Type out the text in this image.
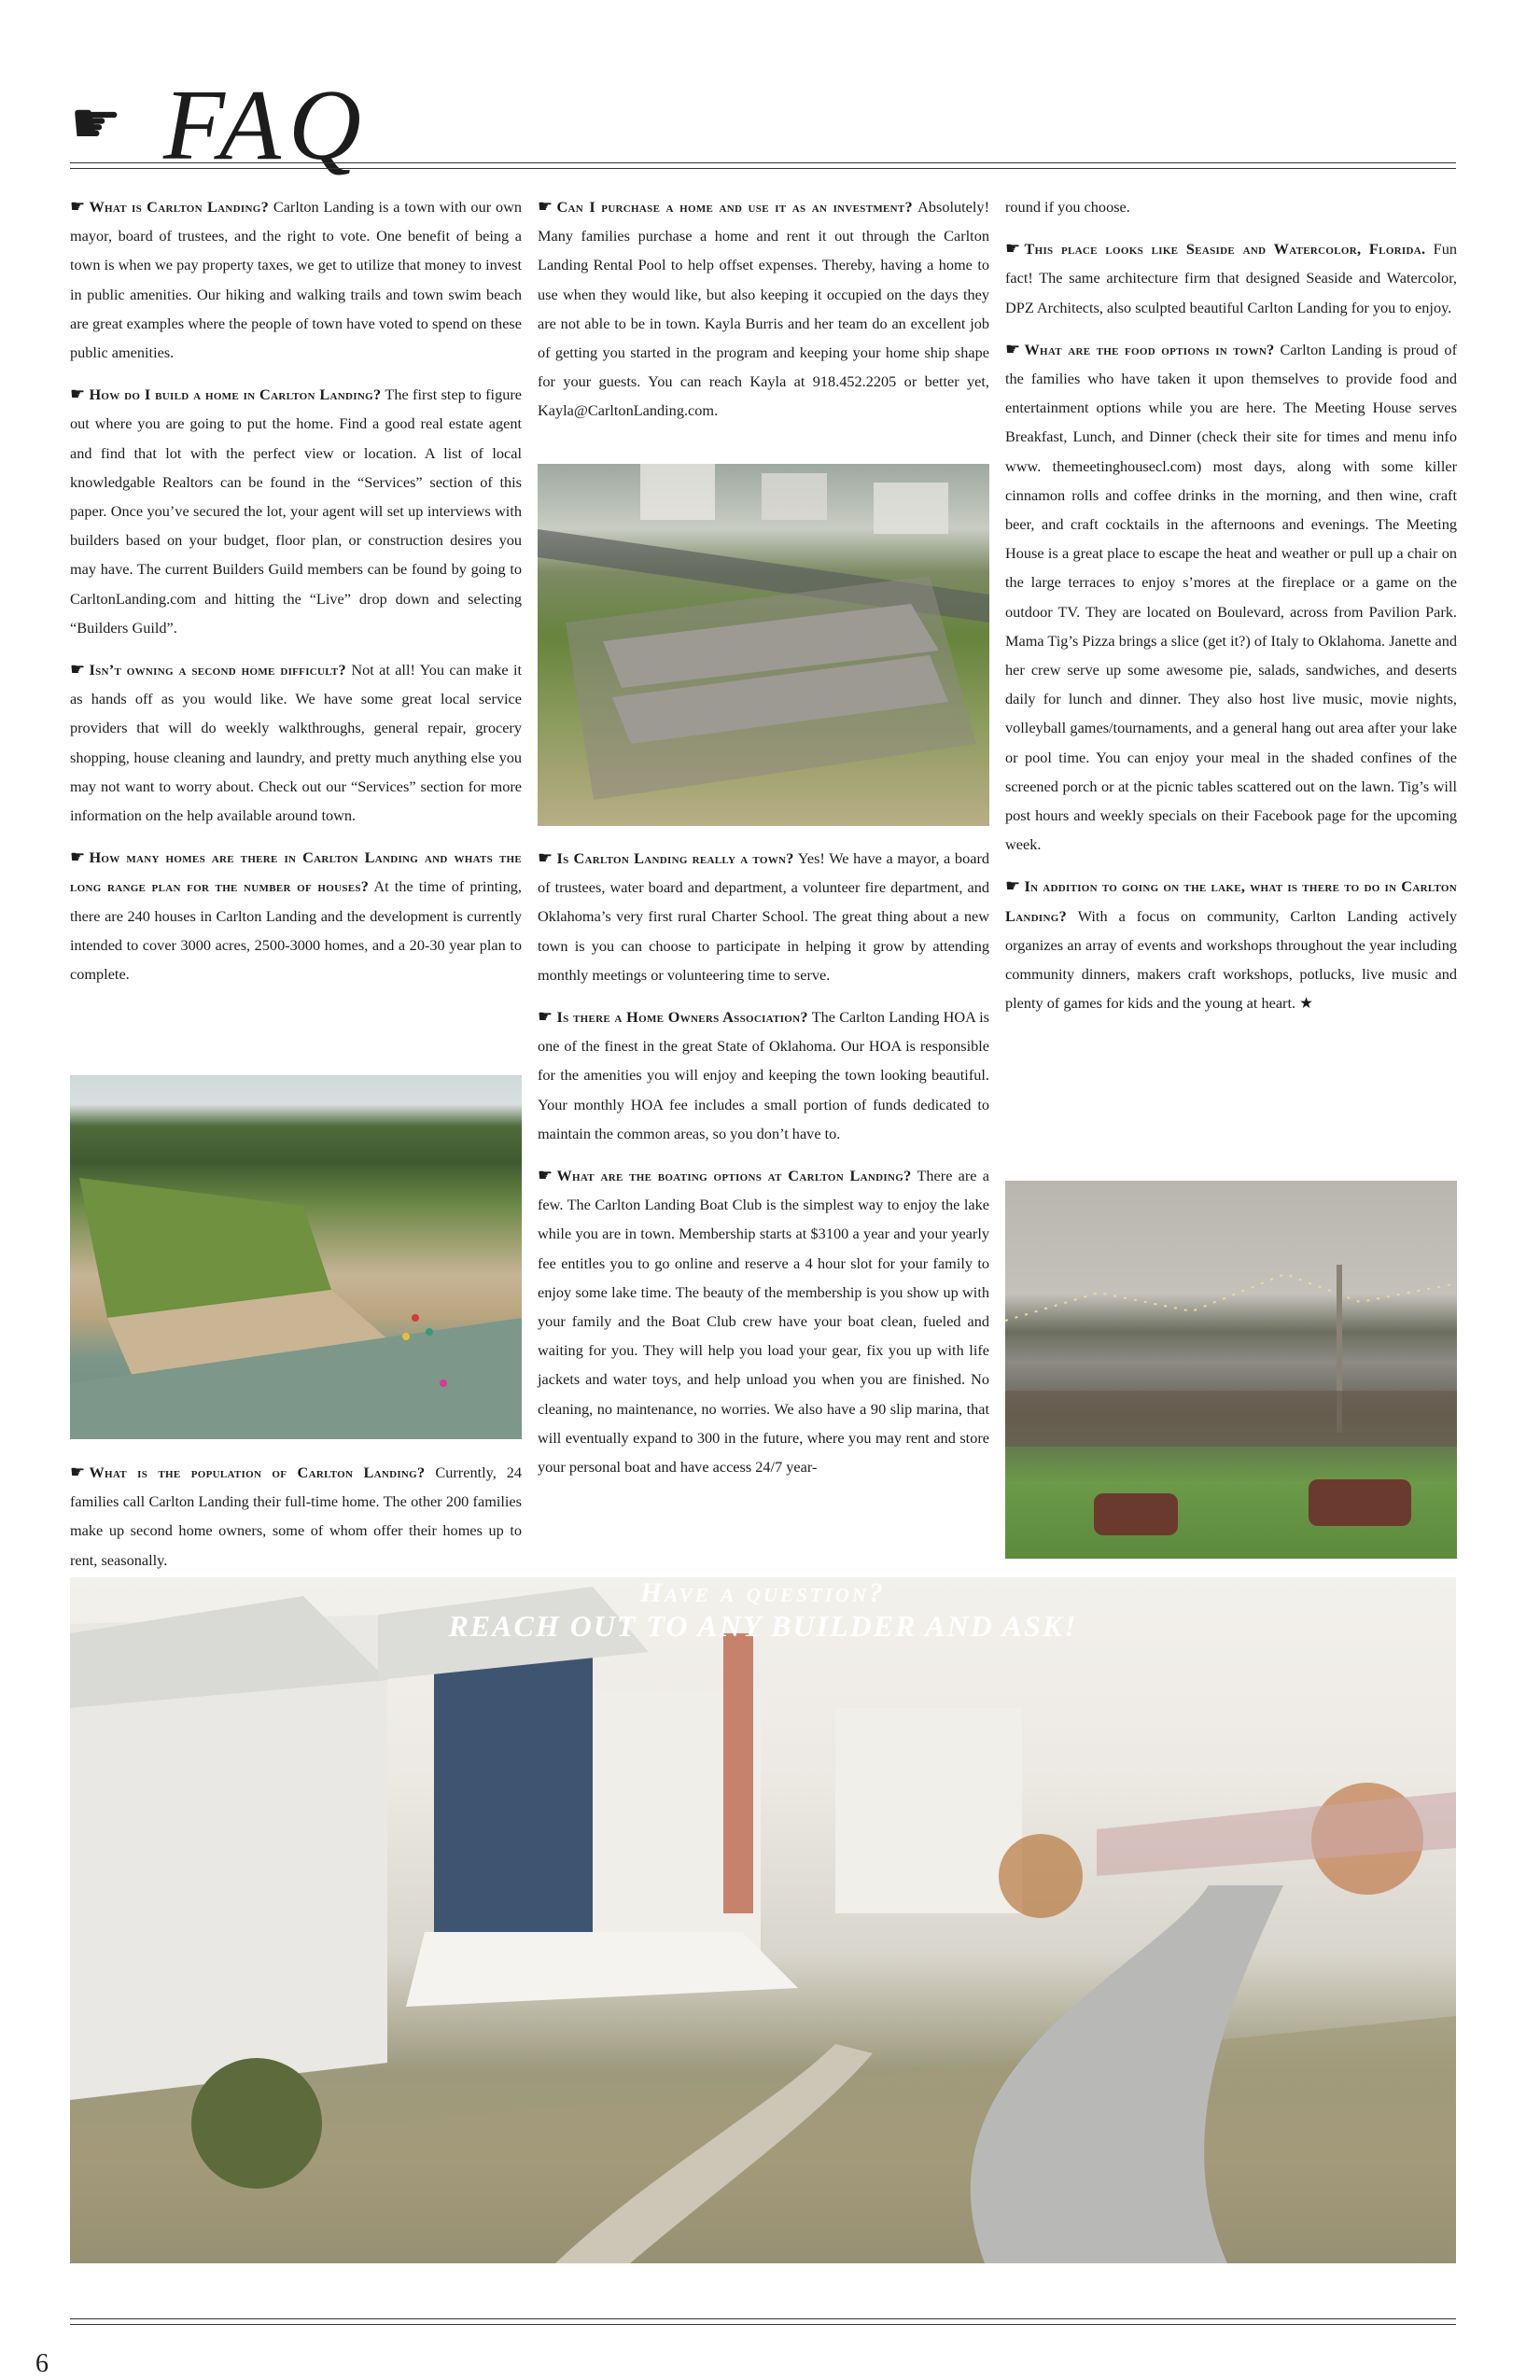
☛ FAQ

☛ What is Carlton Landing? Carlton Landing is a town with our own mayor, board of trustees, and the right to vote. One benefit of being a town is when we pay property taxes, we get to utilize that money to invest in public amenities. Our hiking and walking trails and town swim beach are great examples where the people of town have voted to spend on these public amenities.

☛ How do I build a home in Carlton Landing? The first step to figure out where you are going to put the home. Find a good real estate agent and find that lot with the perfect view or location. A list of local knowledgable Realtors can be found in the “Services” section of this paper. Once you’ve secured the lot, your agent will set up interviews with builders based on your budget, floor plan, or construction desires you may have. The current Builders Guild members can be found by going to CarltonLanding.com and hitting the “Live” drop down and selecting “Builders Guild”.

☛ Isn’t owning a second home difficult? Not at all! You can make it as hands off as you would like. We have some great local service providers that will do weekly walkthroughs, general repair, grocery shopping, house cleaning and laundry, and pretty much anything else you may not want to worry about. Check out our “Services” section for more information on the help available around town.

☛ How many homes are there in Carlton Landing and whats the long range plan for the number of houses? At the time of printing, there are 240 houses in Carlton Landing and the development is currently intended to cover 3000 acres, 2500-3000 homes, and a 20-30 year plan to complete.

☛ What is the population of Carlton Landing? Currently, 24 families call Carlton Landing their full-time home. The other 200 families make up second home owners, some of whom offer their homes up to rent, seasonally.

☛ Can I purchase a home and use it as an investment? Absolutely! Many families purchase a home and rent it out through the Carlton Landing Rental Pool to help offset expenses. Thereby, having a home to use when they would like, but also keeping it occupied on the days they are not able to be in town. Kayla Burris and her team do an excellent job of getting you started in the program and keeping your home ship shape for your guests. You can reach Kayla at 918.452.2205 or better yet, Kayla@CarltonLanding.com.

☛ Is Carlton Landing really a town? Yes! We have a mayor, a board of trustees, water board and department, a volunteer fire department, and Oklahoma’s very first rural Charter School. The great thing about a new town is you can choose to participate in helping it grow by attending monthly meetings or volunteering time to serve.

☛ Is there a Home Owners Association? The Carlton Landing HOA is one of the finest in the great State of Oklahoma. Our HOA is responsible for the amenities you will enjoy and keeping the town looking beautiful. Your monthly HOA fee includes a small portion of funds dedicated to maintain the common areas, so you don’t have to.

☛ What are the boating options at Carlton Landing? There are a few. The Carlton Landing Boat Club is the simplest way to enjoy the lake while you are in town. Membership starts at $3100 a year and your yearly fee entitles you to go online and reserve a 4 hour slot for your family to enjoy some lake time. The beauty of the membership is you show up with your family and the Boat Club crew have your boat clean, fueled and waiting for you. They will help you load your gear, fix you up with life jackets and water toys, and help unload you when you are finished. No cleaning, no maintenance, no worries. We also have a 90 slip marina, that will eventually expand to 300 in the future, where you may rent and store your personal boat and have access 24/7 year-

round if you choose.

☛ This place looks like Seaside and Watercolor, Florida. Fun fact! The same architecture firm that designed Seaside and Watercolor, DPZ Architects, also sculpted beautiful Carlton Landing for you to enjoy.

☛ What are the food options in town? Carlton Landing is proud of the families who have taken it upon themselves to provide food and entertainment options while you are here. The Meeting House serves Breakfast, Lunch, and Dinner (check their site for times and menu info www. themeetinghousecl.com) most days, along with some killer cinnamon rolls and coffee drinks in the morning, and then wine, craft beer, and craft cocktails in the afternoons and evenings. The Meeting House is a great place to escape the heat and weather or pull up a chair on the large terraces to enjoy s’mores at the fireplace or a game on the outdoor TV. They are located on Boulevard, across from Pavilion Park. Mama Tig’s Pizza brings a slice (get it?) of Italy to Oklahoma. Janette and her crew serve up some awesome pie, salads, sandwiches, and deserts daily for lunch and dinner. They also host live music, movie nights, volleyball games/tournaments, and a general hang out area after your lake or pool time. You can enjoy your meal in the shaded confines of the screened porch or at the picnic tables scattered out on the lawn. Tig’s will post hours and weekly specials on their Facebook page for the upcoming week.

☛ In addition to going on the lake, what is there to do in Carlton Landing? With a focus on community, Carlton Landing actively organizes an array of events and workshops throughout the year including community dinners, makers craft workshops, potlucks, live music and plenty of games for kids and the young at heart. ★

Have a question?
REACH OUT TO ANY BUILDER AND ASK!
6
